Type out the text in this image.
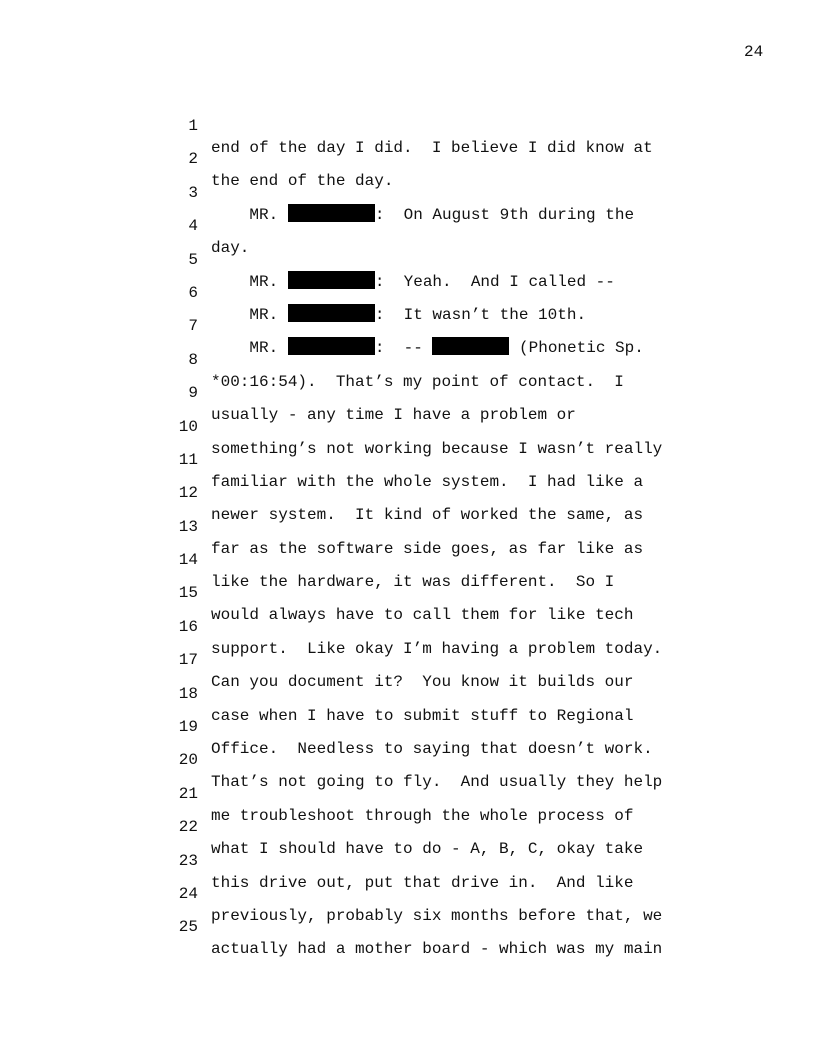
24

1

end of the day I did.  I believe I did know at

2

the end of the day.

3

MR.	:  On August 9th during the

4

day.

5

MR.	:  Yeah.  And I called --

6

MR.	:  It wasn’t the 10th.

7

MR.	:  --	(Phonetic Sp.

8

*00:16:54).  That’s my point of contact.  I

9

usually - any time I have a problem or

10

something’s not working because I wasn’t really

11

familiar with the whole system.  I had like a

12

newer system.  It kind of worked the same, as

13

far as the software side goes, as far like as

14

like the hardware, it was different.  So I

15

would always have to call them for like tech

16

support.  Like okay I’m having a problem today.

17

Can you document it?  You know it builds our

18

case when I have to submit stuff to Regional

19

Office.  Needless to saying that doesn’t work.

20

That’s not going to fly.  And usually they help

21

me troubleshoot through the whole process of

22

what I should have to do - A, B, C, okay take

23

this drive out, put that drive in.  And like

24

previously, probably six months before that, we

25

actually had a mother board - which was my main
